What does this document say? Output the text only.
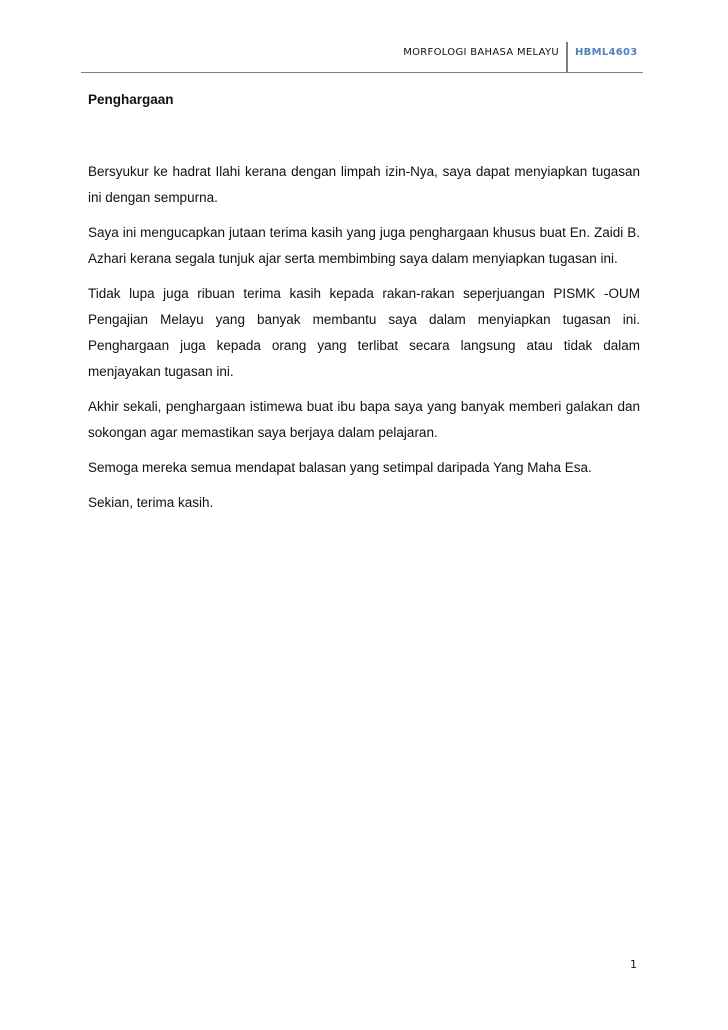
MORFOLOGI BAHASA MELAYU HBML4603

Penghargaan

Bersyukur ke hadrat Ilahi kerana dengan limpah izin-Nya, saya dapat menyiapkan tugasan ini dengan sempurna.

Saya ini mengucapkan jutaan terima kasih yang juga penghargaan khusus buat En. Zaidi B. Azhari kerana segala tunjuk ajar serta membimbing saya dalam menyiapkan tugasan ini.

Tidak lupa juga ribuan terima kasih kepada rakan-rakan seperjuangan PISMK -OUM Pengajian Melayu yang banyak membantu saya dalam menyiapkan tugasan ini. Penghargaan juga kepada orang yang terlibat secara langsung atau tidak dalam menjayakan tugasan ini.

Akhir sekali, penghargaan istimewa buat ibu bapa saya yang banyak memberi galakan dan sokongan agar memastikan saya berjaya dalam pelajaran.

Semoga mereka semua mendapat balasan yang setimpal daripada Yang Maha Esa.

Sekian, terima kasih.

1
